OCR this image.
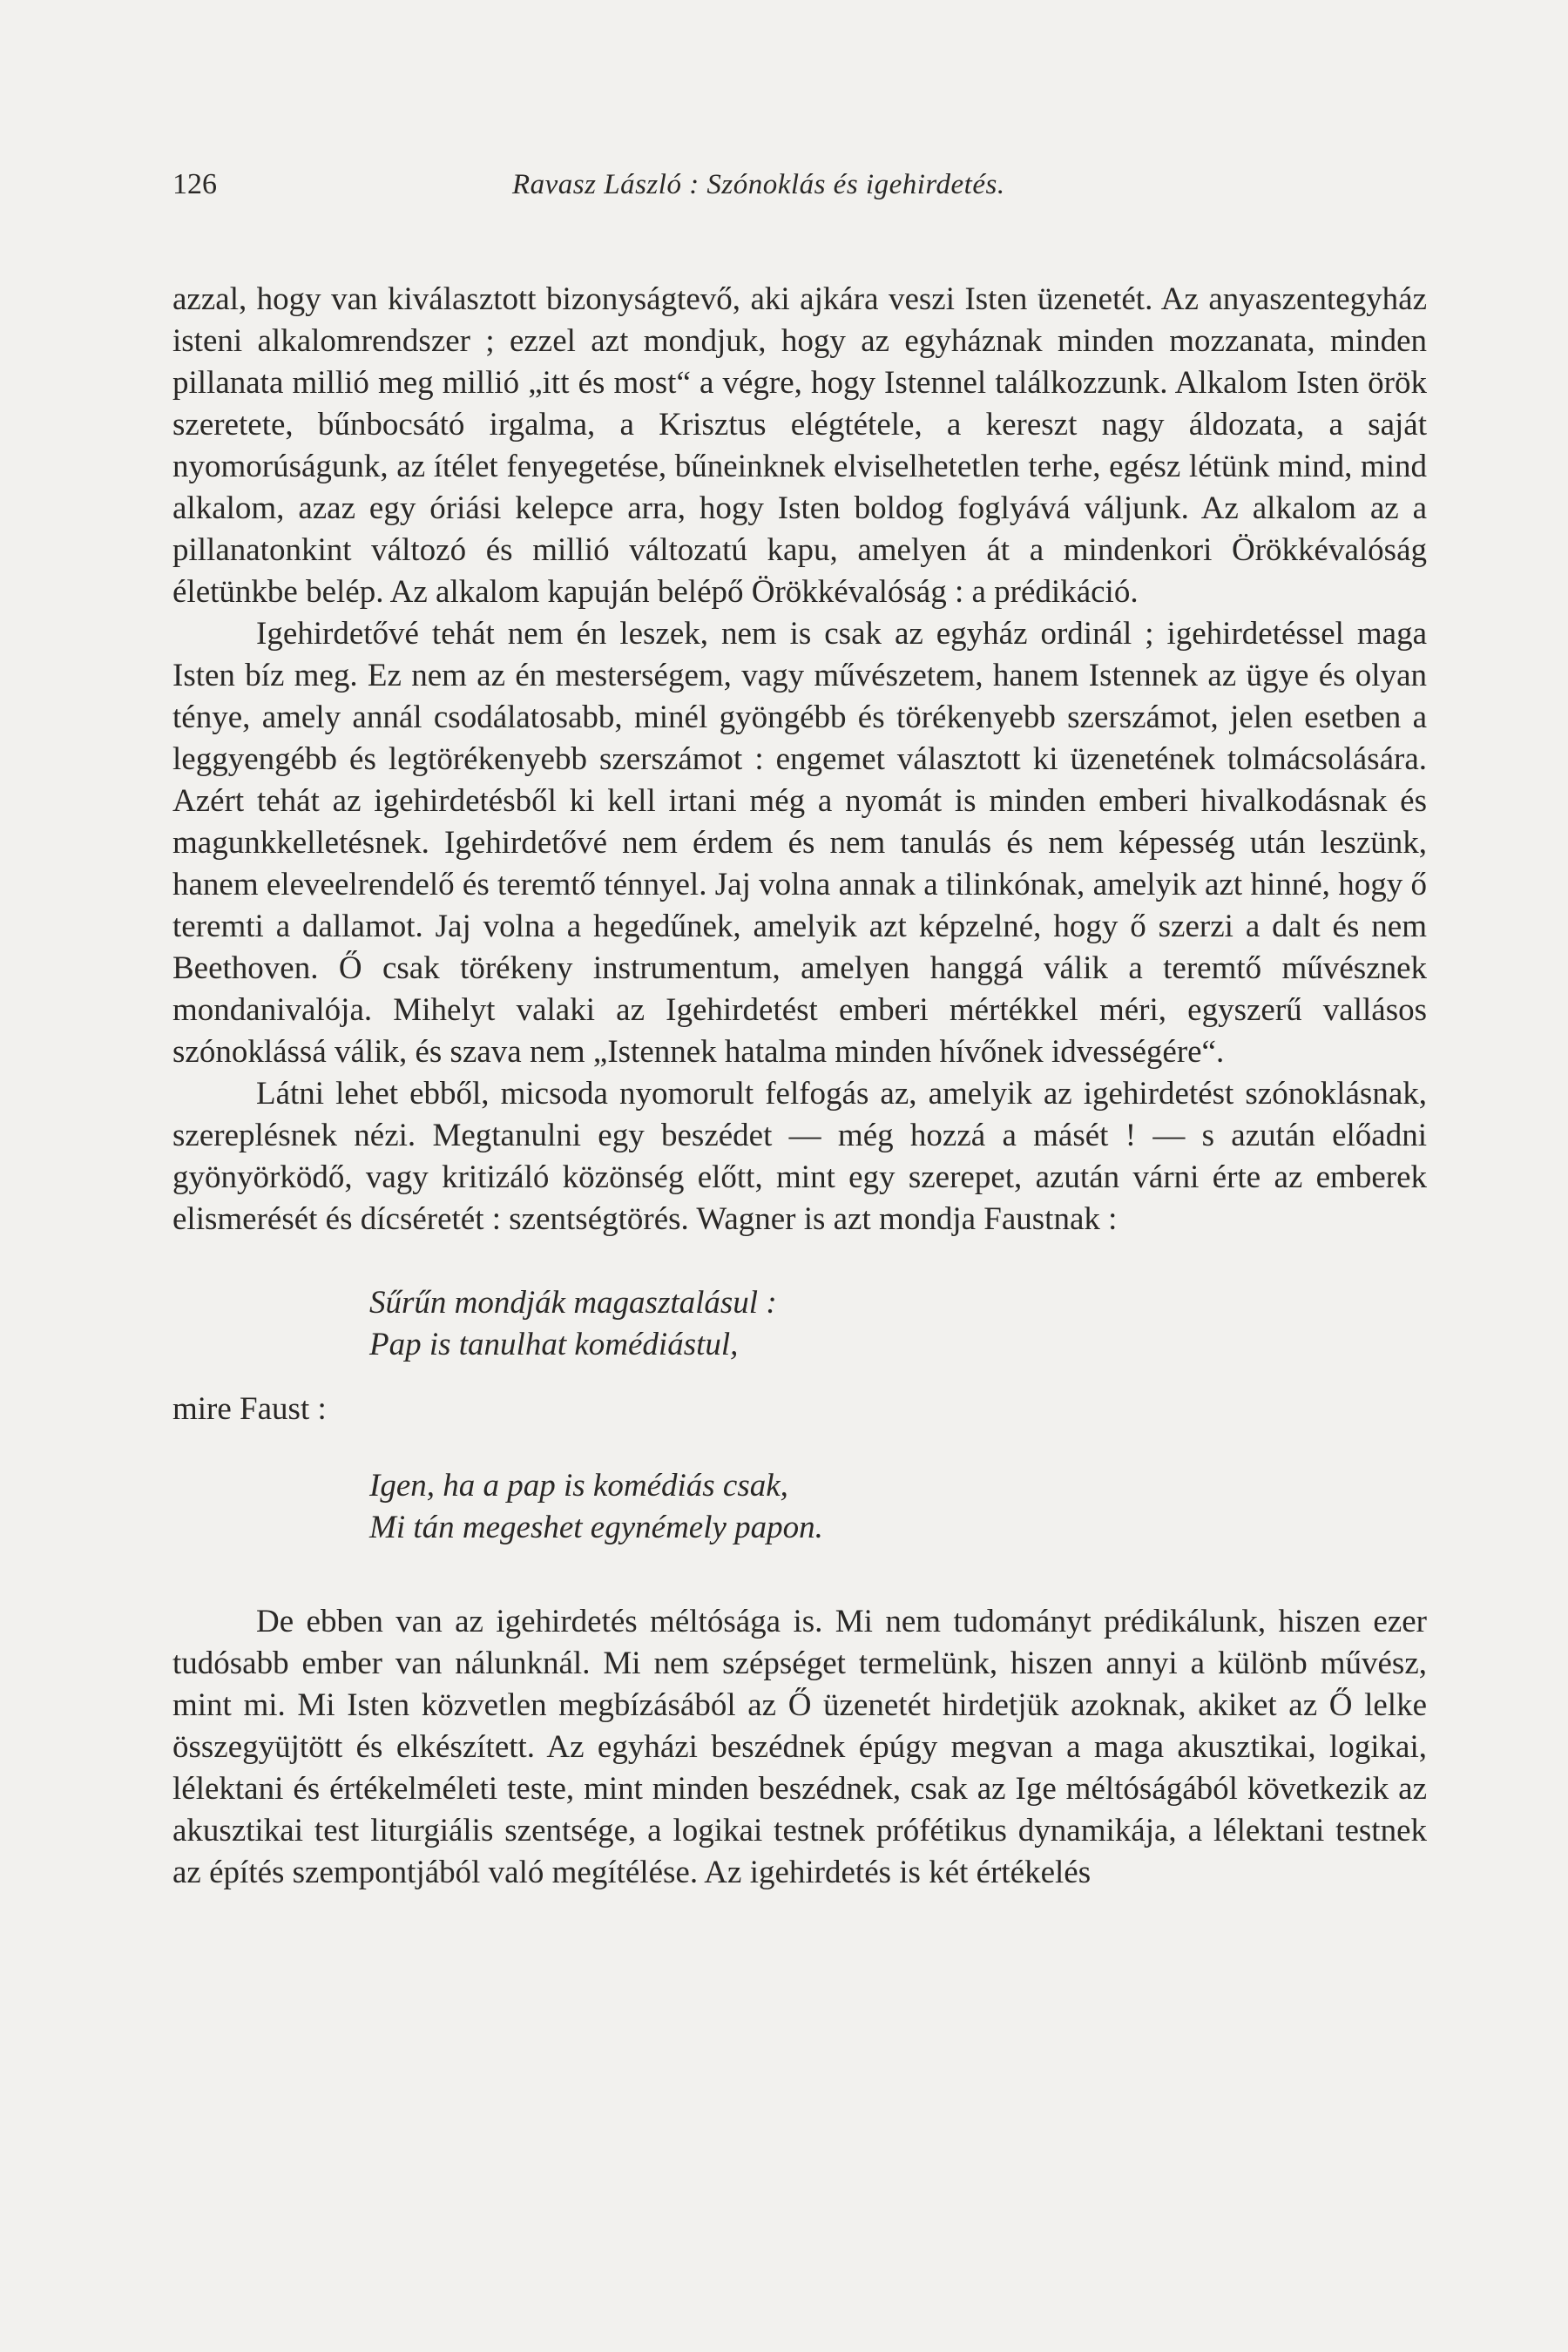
126	Ravasz László : Szónoklás és igehirdetés.

azzal, hogy van kiválasztott bizonyságtevő, aki ajkára veszi Isten üzenetét. Az anyaszentegyház isteni alkalomrendszer ; ezzel azt mondjuk, hogy az egyháznak minden mozzanata, minden pillanata millió meg millió „itt és most“ a végre, hogy Istennel találkozzunk. Alkalom Isten örök szeretete, bűnbocsátó irgalma, a Krisztus elégtétele, a kereszt nagy áldozata, a saját nyomorúságunk, az ítélet fenyegetése, bűneinknek elviselhetetlen terhe, egész létünk mind, mind alkalom, azaz egy óriási kelepce arra, hogy Isten boldog foglyává váljunk. Az alkalom az a pillanatonkint változó és millió változatú kapu, amelyen át a mindenkori Örökkévalóság életünkbe belép. Az alkalom kapuján belépő Örökkévalóság : a prédikáció.

Igehirdetővé tehát nem én leszek, nem is csak az egyház ordinál ; igehirdetéssel maga Isten bíz meg. Ez nem az én mesterségem, vagy művészetem, hanem Istennek az ügye és olyan ténye, amely annál csodálatosabb, minél gyöngébb és törékenyebb szerszámot, jelen esetben a leggyengébb és legtörékenyebb szerszámot : engemet választott ki üzenetének tolmácsolására. Azért tehát az igehirdetésből ki kell irtani még a nyomát is minden emberi hivalkodásnak és magunkkelletésnek. Igehirdetővé nem érdem és nem tanulás és nem képesség után leszünk, hanem eleveelrendelő és teremtő ténnyel. Jaj volna annak a tilinkónak, amelyik azt hinné, hogy ő teremti a dallamot. Jaj volna a hegedűnek, amelyik azt képzelné, hogy ő szerzi a dalt és nem Beethoven. Ő csak törékeny instrumentum, amelyen hanggá válik a teremtő művésznek mondanivalója. Mihelyt valaki az Igehirdetést emberi mértékkel méri, egyszerű vallásos szónoklássá válik, és szava nem „Istennek hatalma minden hívőnek idvességére“.

Látni lehet ebből, micsoda nyomorult felfogás az, amelyik az igehirdetést szónoklásnak, szereplésnek nézi. Megtanulni egy beszédet — még hozzá a másét ! — s azután előadni gyönyörködő, vagy kritizáló közönség előtt, mint egy szerepet, azután várni érte az emberek elismerését és dícséretét : szentségtörés. Wagner is azt mondja Faustnak :

Sűrűn mondják magasztalásul :
Pap is tanulhat komédiástul,

mire Faust :

Igen, ha a pap is komédiás csak,
Mi tán megeshet egynémely papon.

De ebben van az igehirdetés méltósága is. Mi nem tudományt prédikálunk, hiszen ezer tudósabb ember van nálunknál. Mi nem szépséget termelünk, hiszen annyi a különb művész, mint mi. Mi Isten közvetlen megbízásából az Ő üzenetét hirdetjük azoknak, akiket az Ő lelke összegyüjtött és elkészített. Az egyházi beszédnek épúgy megvan a maga akusztikai, logikai, lélektani és értékelméleti teste, mint minden beszédnek, csak az Ige méltóságából következik az akusztikai test liturgiális szentsége, a logikai testnek prófétikus dynamikája, a lélektani testnek az építés szempontjából való megítélése. Az igehirdetés is két értékelés
